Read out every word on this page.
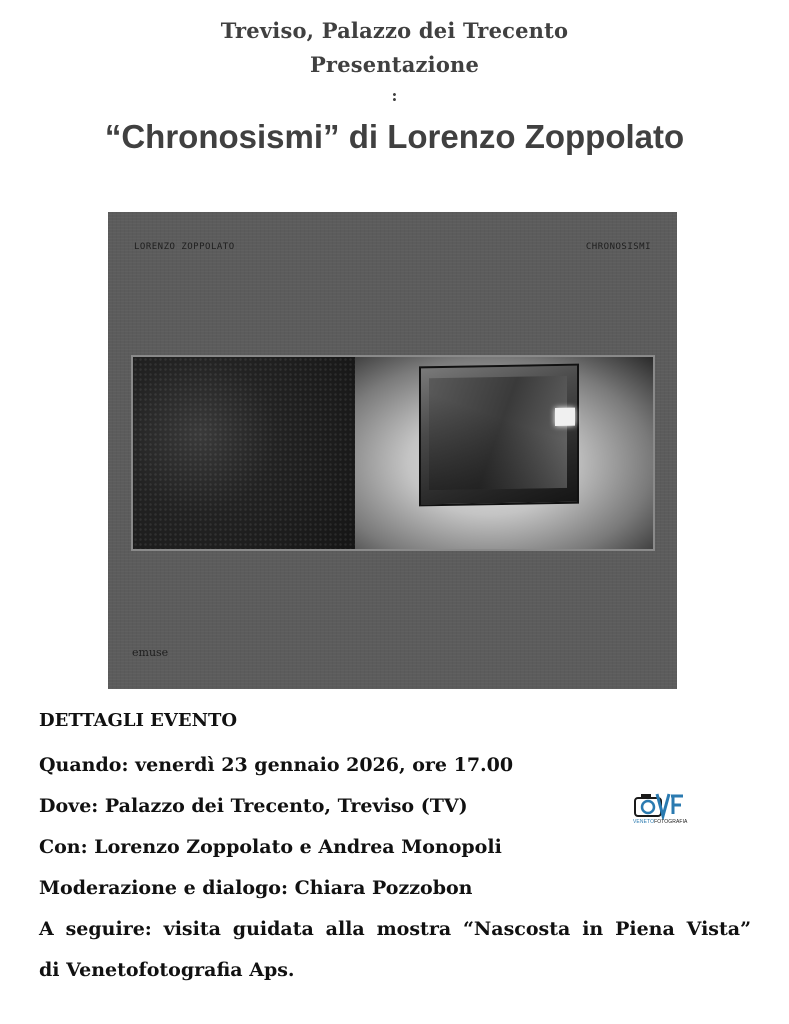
Treviso, Palazzo dei Trecento
Presentazione
:
“Chronosismi” di Lorenzo Zoppolato
LORENZO ZOPPOLATO	CHRONOSISMI
emuse
DETTAGLI EVENTO
Quando: venerdì 23 gennaio 2026, ore 17.00
Dove: Palazzo dei Trecento, Treviso (TV)
Con: Lorenzo Zoppolato e Andrea Monopoli
Moderazione e dialogo: Chiara Pozzobon
A seguire: visita guidata alla mostra “Nascosta in Piena Vista”
di Venetofotografia Aps.
VENETOFOTOGRAFIA
